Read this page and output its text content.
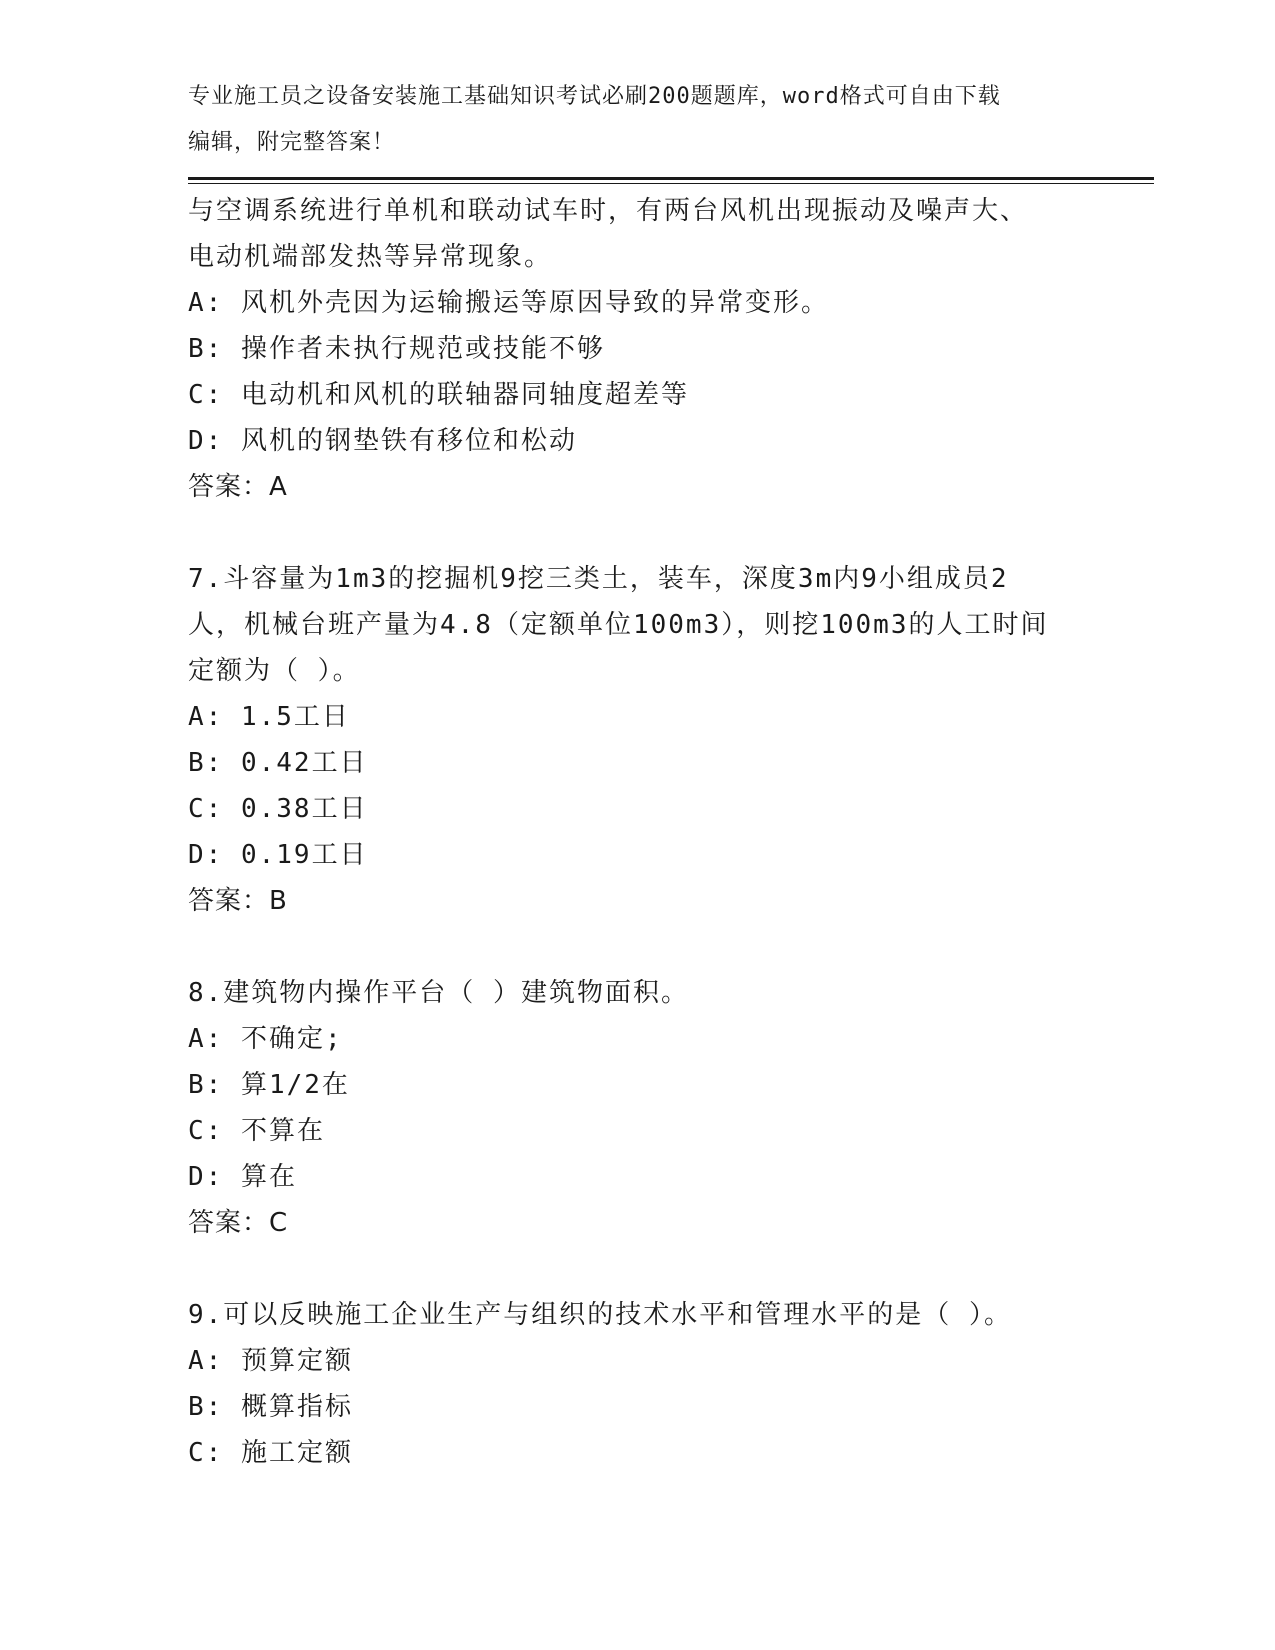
专业施工员之设备安装施工基础知识考试必刷200题题库，word格式可自由下载
编辑，附完整答案！
与空调系统进行单机和联动试车时，有两台风机出现振动及噪声大、
电动机端部发热等异常现象。
A: 风机外壳因为运输搬运等原因导致的异常变形。
B: 操作者未执行规范或技能不够
C: 电动机和风机的联轴器同轴度超差等
D: 风机的钢垫铁有移位和松动
答案：A
7.斗容量为1m3的挖掘机9挖三类土，装车，深度3m内9小组成员2
人，机械台班产量为4.8（定额单位100m3），则挖100m3的人工时间
定额为（ ）。
A: 1.5工日
B: 0.42工日
C: 0.38工日
D: 0.19工日
答案：B
8.建筑物内操作平台（ ）建筑物面积。
A: 不确定;
B: 算1/2在
C: 不算在
D: 算在
答案：C
9.可以反映施工企业生产与组织的技术水平和管理水平的是（ ）。
A: 预算定额
B: 概算指标
C: 施工定额
